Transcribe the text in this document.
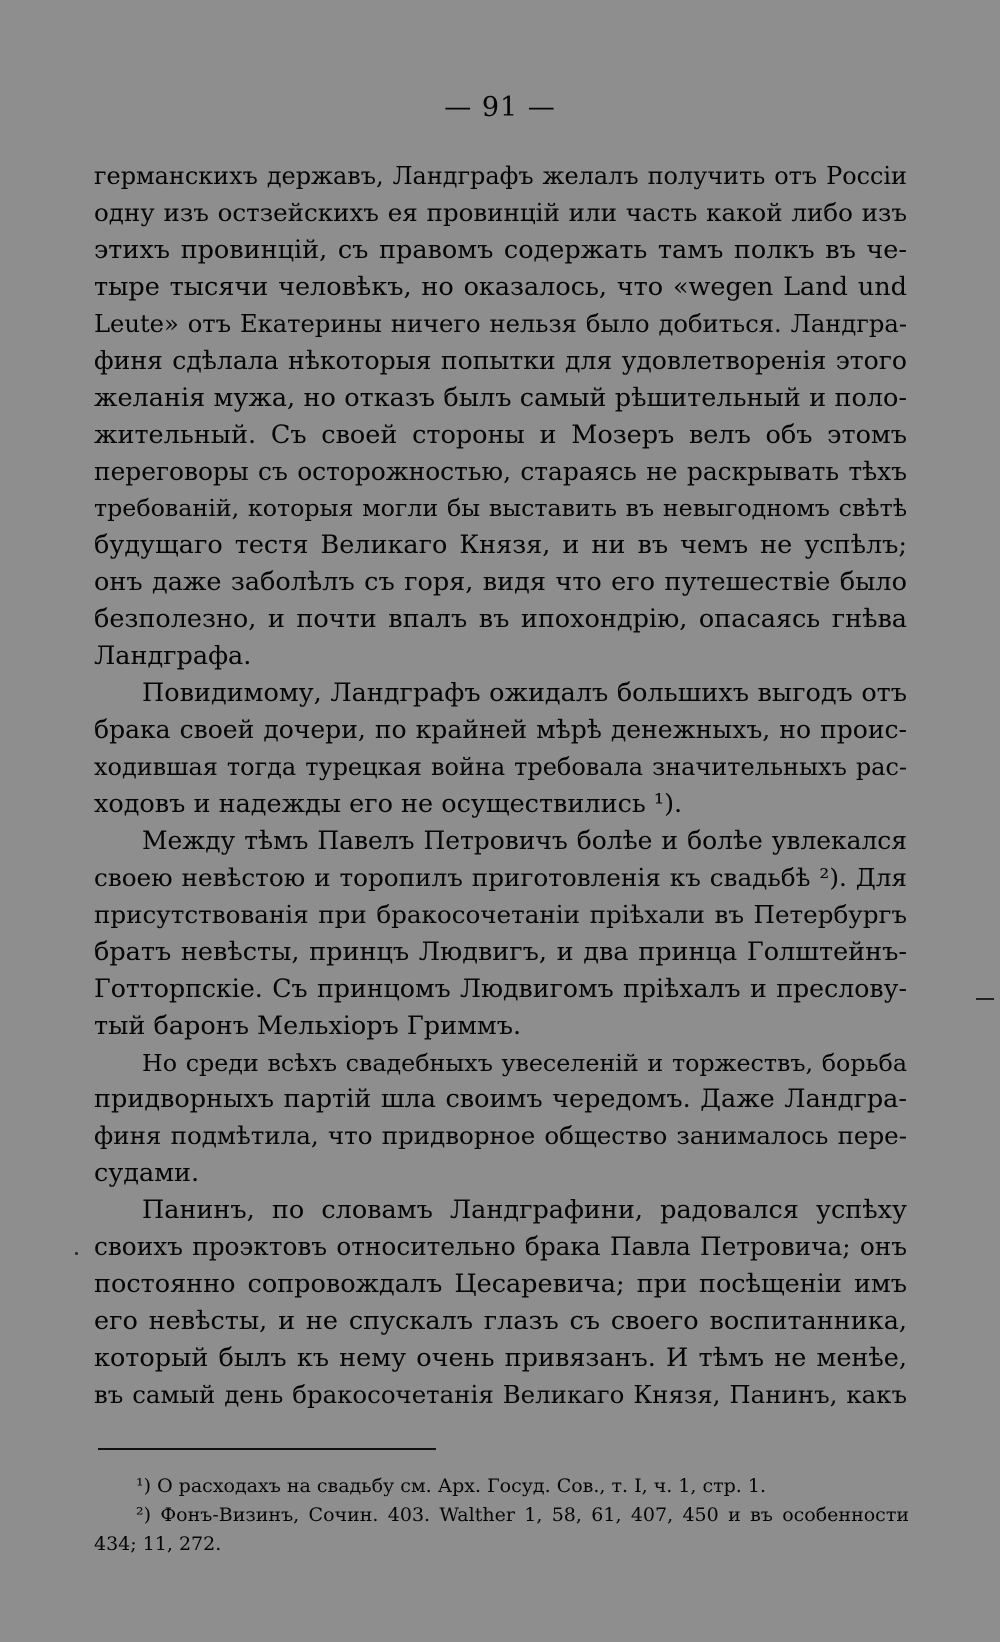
— 91 —
германскихъ державъ, Ландграфъ желалъ получить отъ Россіи
одну изъ остзейскихъ ея провинцій или часть какой либо изъ
этихъ провинцій, съ правомъ содержать тамъ полкъ въ че-
тыре тысячи человѣкъ, но оказалось, что «wegen Land und
Leute» отъ Екатерины ничего нельзя было добиться. Ландгра-
финя сдѣлала нѣкоторыя попытки для удовлетворенія этого
желанія мужа, но отказъ былъ самый рѣшительный и поло-
жительный. Съ своей стороны и Мозеръ велъ объ этомъ
переговоры съ осторожностью, стараясь не раскрывать тѣхъ
требованій, которыя могли бы выставить въ невыгодномъ свѣтѣ
будущаго тестя Великаго Князя, и ни въ чемъ не успѣлъ;
онъ даже заболѣлъ съ горя, видя что его путешествіе было
безполезно, и почти впалъ въ ипохондрію, опасаясь гнѣва
Ландграфа.
Повидимому, Ландграфъ ожидалъ большихъ выгодъ отъ
брака своей дочери, по крайней мѣрѣ денежныхъ, но проис-
ходившая тогда турецкая война требовала значительныхъ рас-
ходовъ и надежды его не осуществились ¹).
Между тѣмъ Павелъ Петровичъ болѣе и болѣе увлекался
своею невѣстою и торопилъ приготовленія къ свадьбѣ ²). Для
присутствованія при бракосочетаніи пріѣхали въ Петербургъ
братъ невѣсты, принцъ Людвигъ, и два принца Голштейнъ-
Готторпскіе. Съ принцомъ Людвигомъ пріѣхалъ и преслову-
тый баронъ Мельхіоръ Гриммъ.
Но среди всѣхъ свадебныхъ увеселеній и торжествъ, борьба
придворныхъ партій шла своимъ чередомъ. Даже Ландгра-
финя подмѣтила, что придворное общество занималось пере-
судами.
Панинъ, по словамъ Ландграфини, радовался успѣху
своихъ проэктовъ относительно брака Павла Петровича; онъ
постоянно сопровождалъ Цесаревича; при посѣщеніи имъ
его невѣсты, и не спускалъ глазъ съ своего воспитанника,
который былъ къ нему очень привязанъ. И тѣмъ не менѣе,
въ самый день бракосочетанія Великаго Князя, Панинъ, какъ
¹) О расходахъ на свадьбу см. Арх. Госуд. Сов., т. I, ч. 1, стр. 1.
²) Фонъ-Визинъ, Сочин. 403. Walther 1, 58, 61, 407, 450 и въ особенности
434; 11, 272.
